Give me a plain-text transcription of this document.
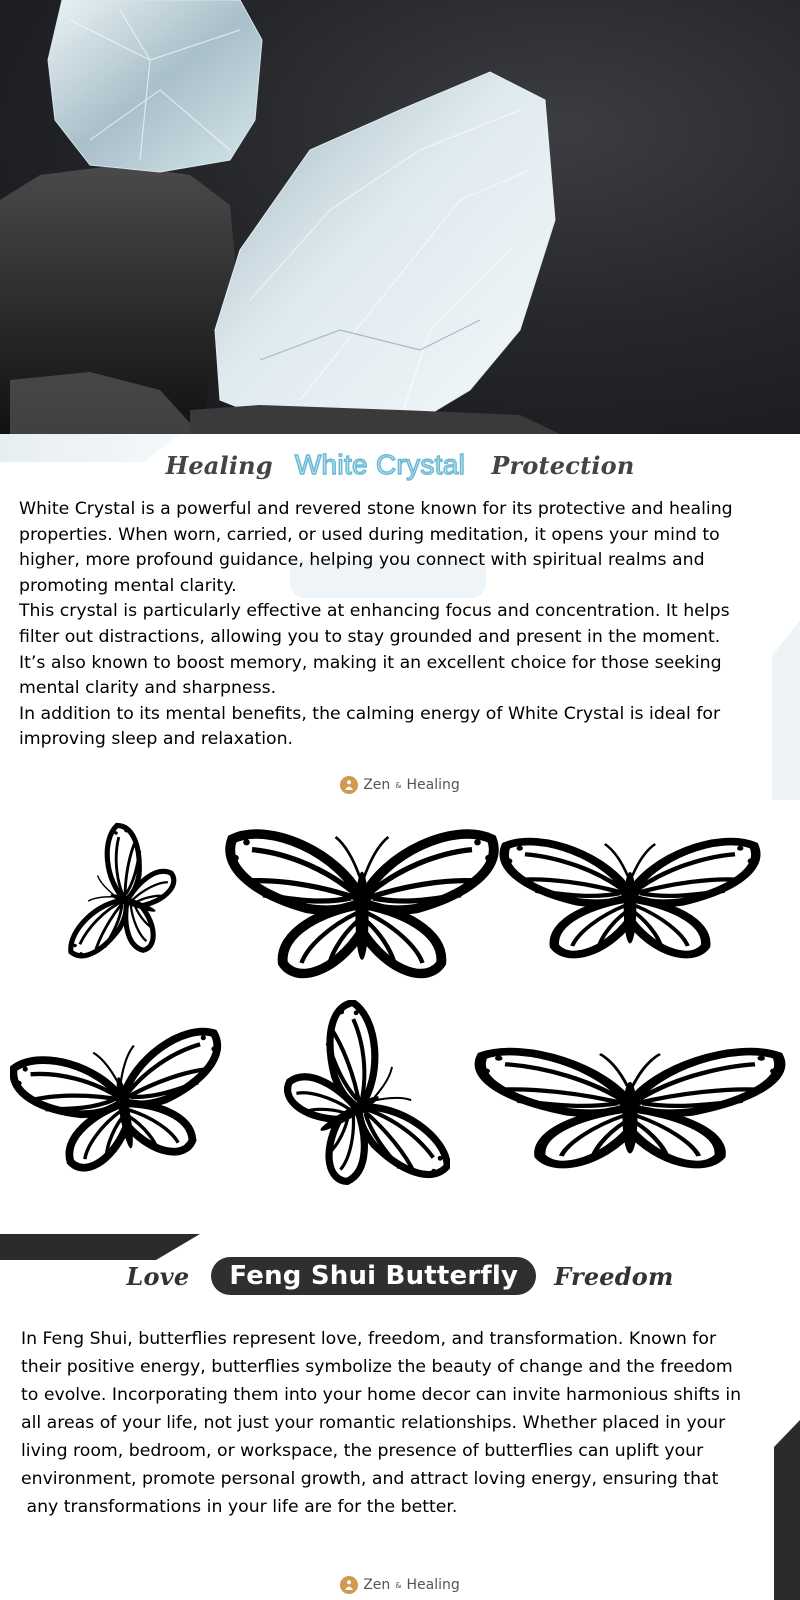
Healing White Crystal Protection

White Crystal is a powerful and revered stone known for its protective and healing

properties. When worn, carried, or used during meditation, it opens your mind to

higher, more profound guidance, helping you connect with spiritual realms and

promoting mental clarity.

This crystal is particularly effective at enhancing focus and concentration. It helps

filter out distractions, allowing you to stay grounded and present in the moment.

It’s also known to boost memory, making it an excellent choice for those seeking

mental clarity and sharpness.

In addition to its mental benefits, the calming energy of White Crystal is ideal for

improving sleep and relaxation.

Zen & Healing
Love	Feng Shui Butterfly	Freedom

In Feng Shui, butterflies represent love, freedom, and transformation. Known for

their positive energy, butterflies symbolize the beauty of change and the freedom

to evolve. Incorporating them into your home decor can invite harmonious shifts in

all areas of your life, not just your romantic relationships. Whether placed in your

living room, bedroom, or workspace, the presence of butterflies can uplift your

environment, promote personal growth, and attract loving energy, ensuring that

any transformations in your life are for the better.

Zen & Healing
